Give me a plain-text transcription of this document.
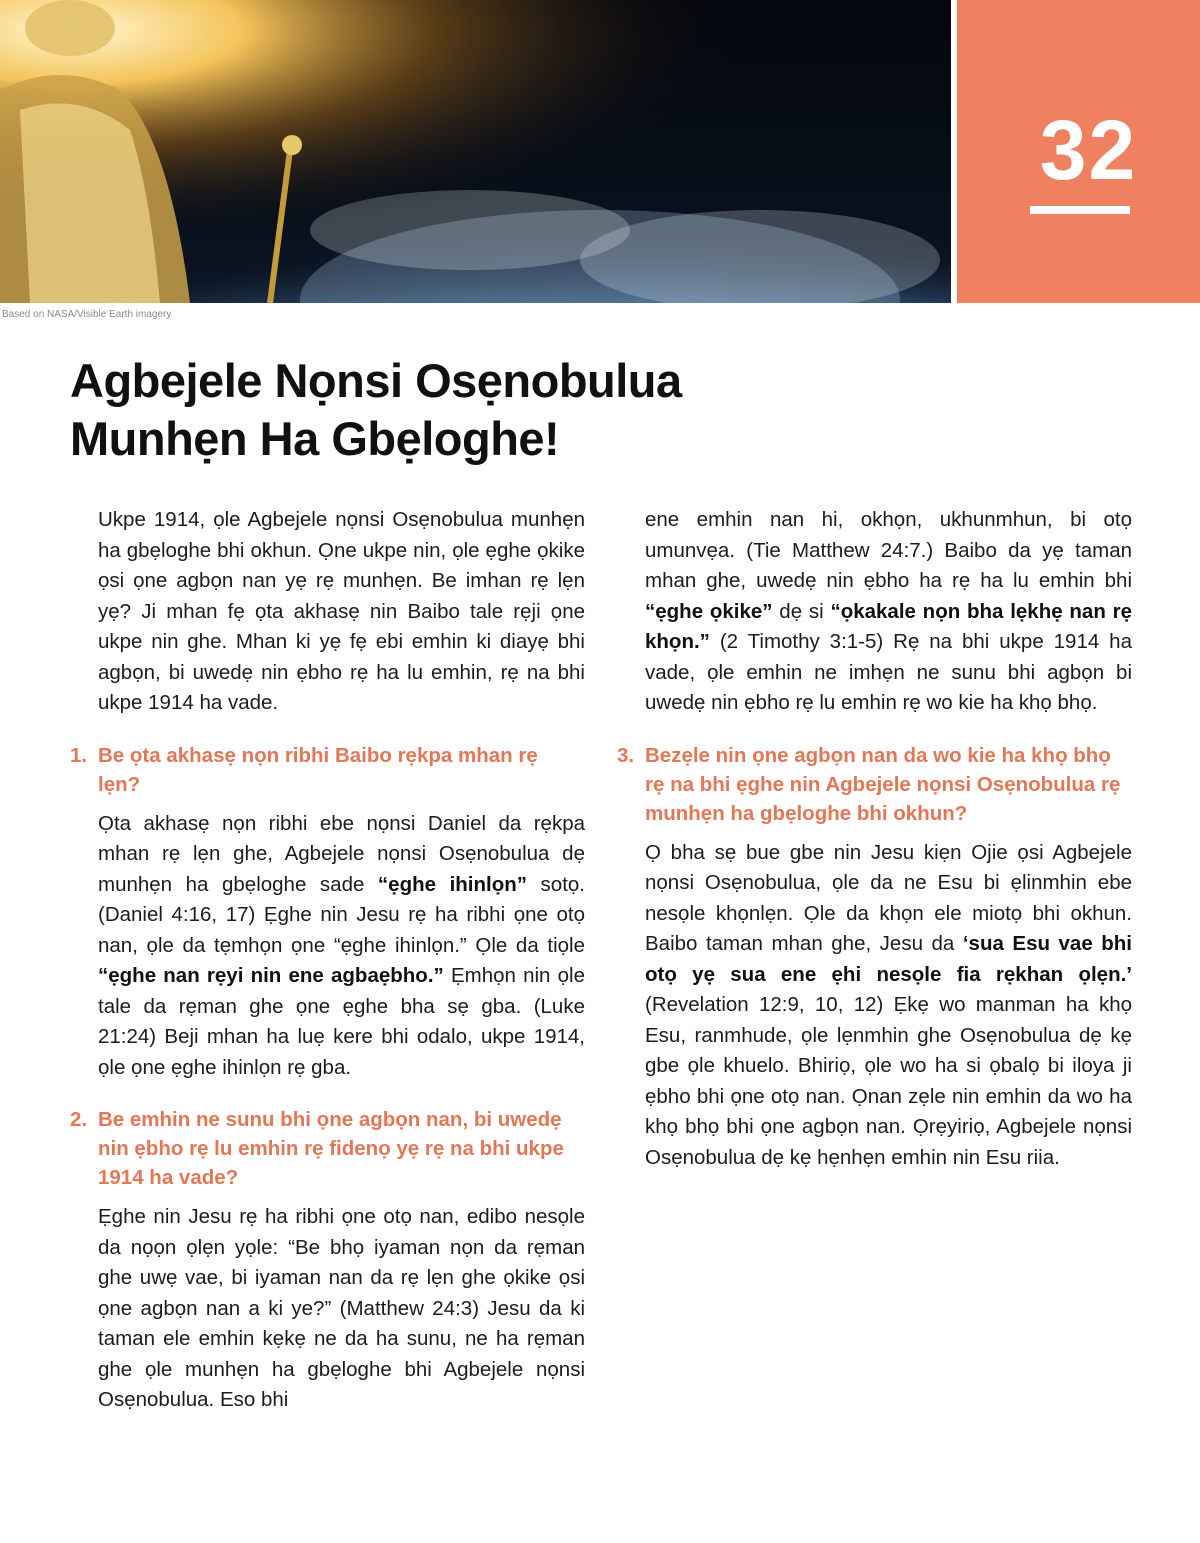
32
Based on NASA/Visible Earth imagery
Agbejele Nọnsi Osẹnobulua
Munhẹn Ha Gbẹloghe!

Ukpe 1914, ọle Agbejele nọnsi Osẹnobulua munhẹn ha gbẹloghe bhi okhun. Ọne ukpe nin, ọle ẹghe ọkike ọsi ọne agbọn nan yẹ rẹ munhẹn. Be imhan rẹ lẹn yẹ? Ji mhan fẹ ọta akhasẹ nin Baibo tale rẹji ọne ukpe nin ghe. Mhan ki yẹ fẹ ebi emhin ki diayẹ bhi agbọn, bi uwedẹ nin ẹbho rẹ ha lu emhin, rẹ na bhi ukpe 1914 ha vade.

1. Be ọta akhasẹ nọn ribhi Baibo rẹkpa mhan rẹ lẹn?

Ọta akhasẹ nọn ribhi ebe nọnsi Daniel da rẹkpa mhan rẹ lẹn ghe, Agbejele nọnsi Osẹnobulua dẹ munhẹn ha gbẹloghe sade “ẹghe ihinlọn” sotọ. (Daniel 4:16, 17) Ẹghe nin Jesu rẹ ha ribhi ọne otọ nan, ọle da tẹmhọn ọne “ẹghe ihinlọn.” Ọle da tiọle “ẹghe nan rẹyi nin ene agbaẹbho.” Ẹmhọn nin ọle tale da rẹman ghe ọne ẹghe bha sẹ gba. (Luke 21:24) Beji mhan ha luẹ kere bhi odalo, ukpe 1914, ọle ọne ẹghe ihinlọn rẹ gba.

2. Be emhin ne sunu bhi ọne agbọn nan, bi uwedẹ nin ẹbho rẹ lu emhin rẹ fidenọ yẹ rẹ na bhi ukpe 1914 ha vade?

Ẹghe nin Jesu rẹ ha ribhi ọne otọ nan, edibo nesọle da nọọn ọlẹn yọle: “Be bhọ iyaman nọn da rẹman ghe uwẹ vae, bi iyaman nan da rẹ lẹn ghe ọkike ọsi ọne agbọn nan a ki ye?” (Matthew 24:3) Jesu da ki taman ele emhin kẹkẹ ne da ha sunu, ne ha rẹman ghe ọle munhẹn ha gbẹloghe bhi Agbejele nọnsi Osẹnobulua. Eso bhi

ene emhin nan hi, okhọn, ukhunmhun, bi otọ umunvẹa. (Tie Matthew 24:7.) Baibo da yẹ taman mhan ghe, uwedẹ nin ẹbho ha rẹ ha lu emhin bhi “ẹghe ọkike” dẹ si “ọkakale nọn bha lẹkhẹ nan rẹ khọn.” (2 Timothy 3:1-5) Rẹ na bhi ukpe 1914 ha vade, ọle emhin ne imhẹn ne sunu bhi agbọn bi uwedẹ nin ẹbho rẹ lu emhin rẹ wo kie ha khọ bhọ.

3. Bezẹle nin ọne agbọn nan da wo kie ha khọ bhọ rẹ na bhi ẹghe nin Agbejele nọnsi Osẹnobulua rẹ munhẹn ha gbẹloghe bhi okhun?

Ọ bha sẹ bue gbe nin Jesu kiẹn Ojie ọsi Agbejele nọnsi Osẹnobulua, ọle da ne Esu bi ẹlinmhin ebe nesọle khọnlẹn. Ọle da khọn ele miotọ bhi okhun. Baibo taman mhan ghe, Jesu da ‘sua Esu vae bhi otọ yẹ sua ene ẹhi nesọle fia rẹkhan ọlẹn.’ (Revelation 12:9, 10, 12) Ẹkẹ wo manman ha khọ Esu, ranmhude, ọle lẹnmhin ghe Osẹnobulua dẹ kẹ gbe ọle khuelo. Bhiriọ, ọle wo ha si ọbalọ bi iloya ji ẹbho bhi ọne otọ nan. Ọnan zẹle nin emhin da wo ha khọ bhọ bhi ọne agbọn nan. Ọrẹyiriọ, Agbejele nọnsi Osẹnobulua dẹ kẹ hẹnhẹn emhin nin Esu riia.
